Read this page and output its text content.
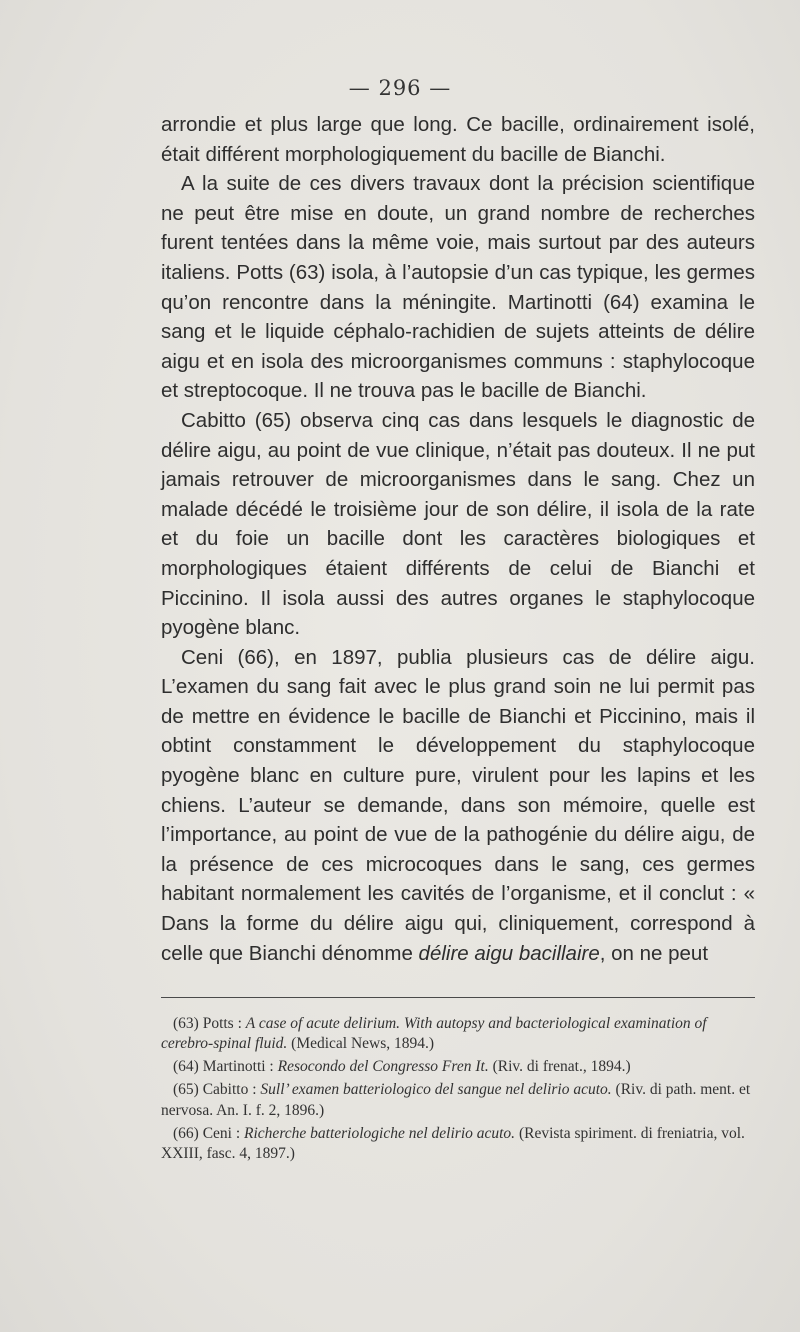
— 296 —

arrondie et plus large que long. Ce bacille, ordinairement isolé, était différent morphologiquement du bacille de Bianchi.

A la suite de ces divers travaux dont la précision scientifique ne peut être mise en doute, un grand nombre de recherches furent tentées dans la même voie, mais surtout par des auteurs italiens. Potts (63) isola, à l’autopsie d’un cas typique, les germes qu’on rencontre dans la méningite. Martinotti (64) examina le sang et le liquide céphalo-rachidien de sujets atteints de délire aigu et en isola des microorganismes communs : staphylocoque et streptocoque. Il ne trouva pas le bacille de Bianchi.

Cabitto (65) observa cinq cas dans lesquels le diagnostic de délire aigu, au point de vue clinique, n’était pas douteux. Il ne put jamais retrouver de microorganismes dans le sang. Chez un malade décédé le troisième jour de son délire, il isola de la rate et du foie un bacille dont les caractères biologiques et morphologiques étaient différents de celui de Bianchi et Piccinino. Il isola aussi des autres organes le staphylocoque pyogène blanc.

Ceni (66), en 1897, publia plusieurs cas de délire aigu. L’examen du sang fait avec le plus grand soin ne lui permit pas de mettre en évidence le bacille de Bianchi et Piccinino, mais il obtint constamment le développement du staphylocoque pyogène blanc en culture pure, virulent pour les lapins et les chiens. L’auteur se demande, dans son mémoire, quelle est l’importance, au point de vue de la pathogénie du délire aigu, de la présence de ces microcoques dans le sang, ces germes habitant normalement les cavités de l’organisme, et il conclut : « Dans la forme du délire aigu qui, cliniquement, correspond à celle que Bianchi dénomme délire aigu bacillaire, on ne peut

(63) Potts : A case of acute delirium. With autopsy and bacteriological examination of cerebro-spinal fluid. (Medical News, 1894.)

(64) Martinotti : Resocondo del Congresso Fren It. (Riv. di frenat., 1894.)

(65) Cabitto : Sull’ examen batteriologico del sangue nel delirio acuto. (Riv. di path. ment. et nervosa. An. I. f. 2, 1896.)

(66) Ceni : Richerche batteriologiche nel delirio acuto. (Revista spiriment. di freniatria, vol. XXIII, fasc. 4, 1897.)
